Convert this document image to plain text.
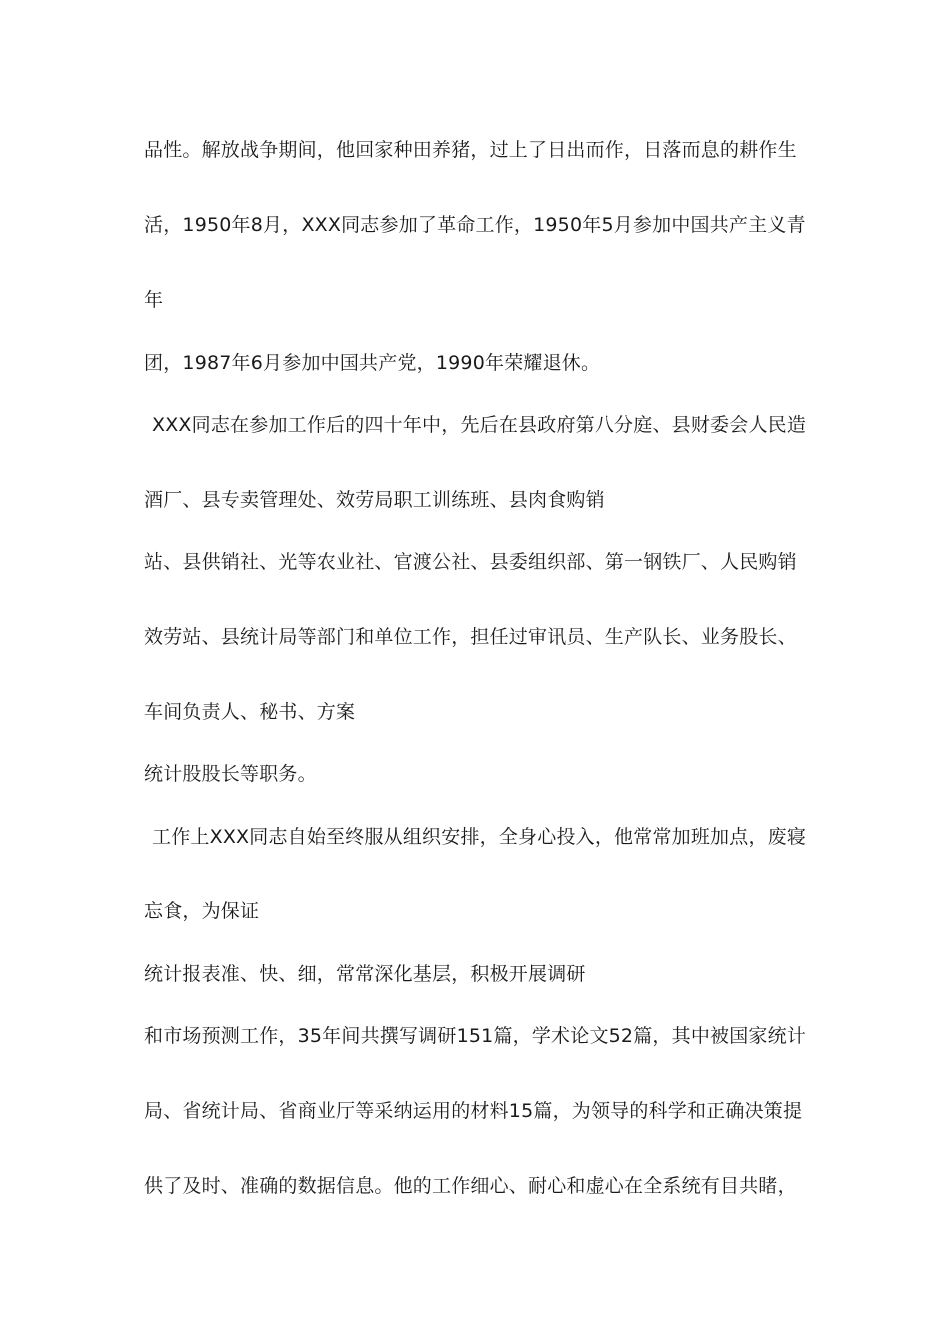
品性。解放战争期间，他回家种田养猪，过上了日出而作，日落而息的耕作生
活，1950年8月，XXX同志参加了革命工作，1950年5月参加中国共产主义青
年
团，1987年6月参加中国共产党，1990年荣耀退休。
XXX同志在参加工作后的四十年中，先后在县政府第八分庭、县财委会人民造
酒厂、县专卖管理处、效劳局职工训练班、县肉食购销
站、县供销社、光等农业社、官渡公社、县委组织部、第一钢铁厂、人民购销
效劳站、县统计局等部门和单位工作，担任过审讯员、生产队长、业务股长、
车间负责人、秘书、方案
统计股股长等职务。
工作上XXX同志自始至终服从组织安排，全身心投入，他常常加班加点，废寝
忘食，为保证
统计报表准、快、细，常常深化基层，积极开展调研
和市场预测工作，35年间共撰写调研151篇，学术论文52篇，其中被国家统计
局、省统计局、省商业厅等采纳运用的材料15篇，为领导的科学和正确决策提
供了及时、准确的数据信息。他的工作细心、耐心和虚心在全系统有目共睹，
